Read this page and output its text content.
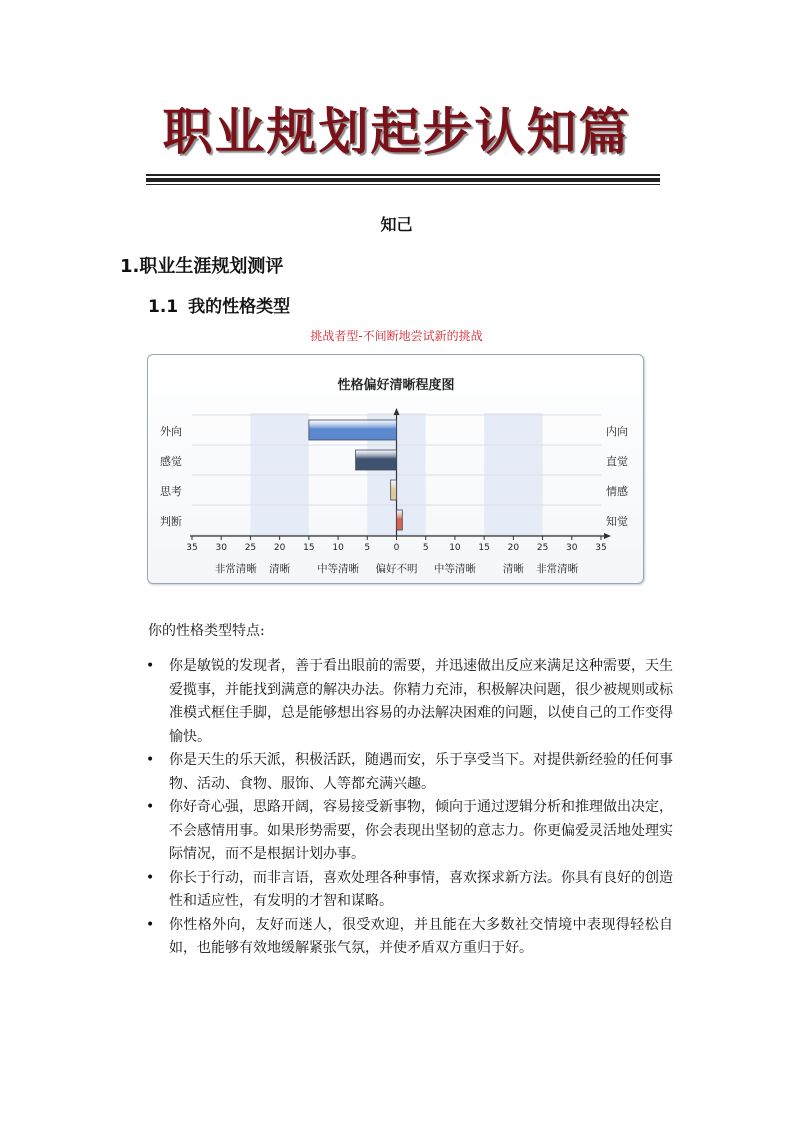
职业规划起步认知篇
知己
1.职业生涯规划测评
1.1 我的性格类型
挑战者型-不间断地尝试新的挑战
性格偏好清晰程度图
35 30 25 20 15 10 5	0	5 10 15 20 25 30 35
非常清晰 清晰	中等清晰 偏好不明 中等清晰	清晰 非常清晰
外向	内向
感觉	直觉
思考	情感
判断	知觉
你的性格类型特点:
• 你是敏锐的发现者，善于看出眼前的需要，并迅速做出反应来满足这种需要，天生爱揽事，并能找到满意的解决办法。你精力充沛，积极解决问题，很少被规则或标准模式框住手脚，总是能够想出容易的办法解决困难的问题，以使自己的工作变得愉快。
• 你是天生的乐天派，积极活跃，随遇而安，乐于享受当下。对提供新经验的任何事物、活动、食物、服饰、人等都充满兴趣。
• 你好奇心强，思路开阔，容易接受新事物，倾向于通过逻辑分析和推理做出决定，不会感情用事。如果形势需要，你会表现出坚韧的意志力。你更偏爱灵活地处理实际情况，而不是根据计划办事。
• 你长于行动，而非言语，喜欢处理各种事情，喜欢探求新方法。你具有良好的创造性和适应性，有发明的才智和谋略。
• 你性格外向，友好而迷人，很受欢迎，并且能在大多数社交情境中表现得轻松自如，也能够有效地缓解紧张气氛，并使矛盾双方重归于好。
